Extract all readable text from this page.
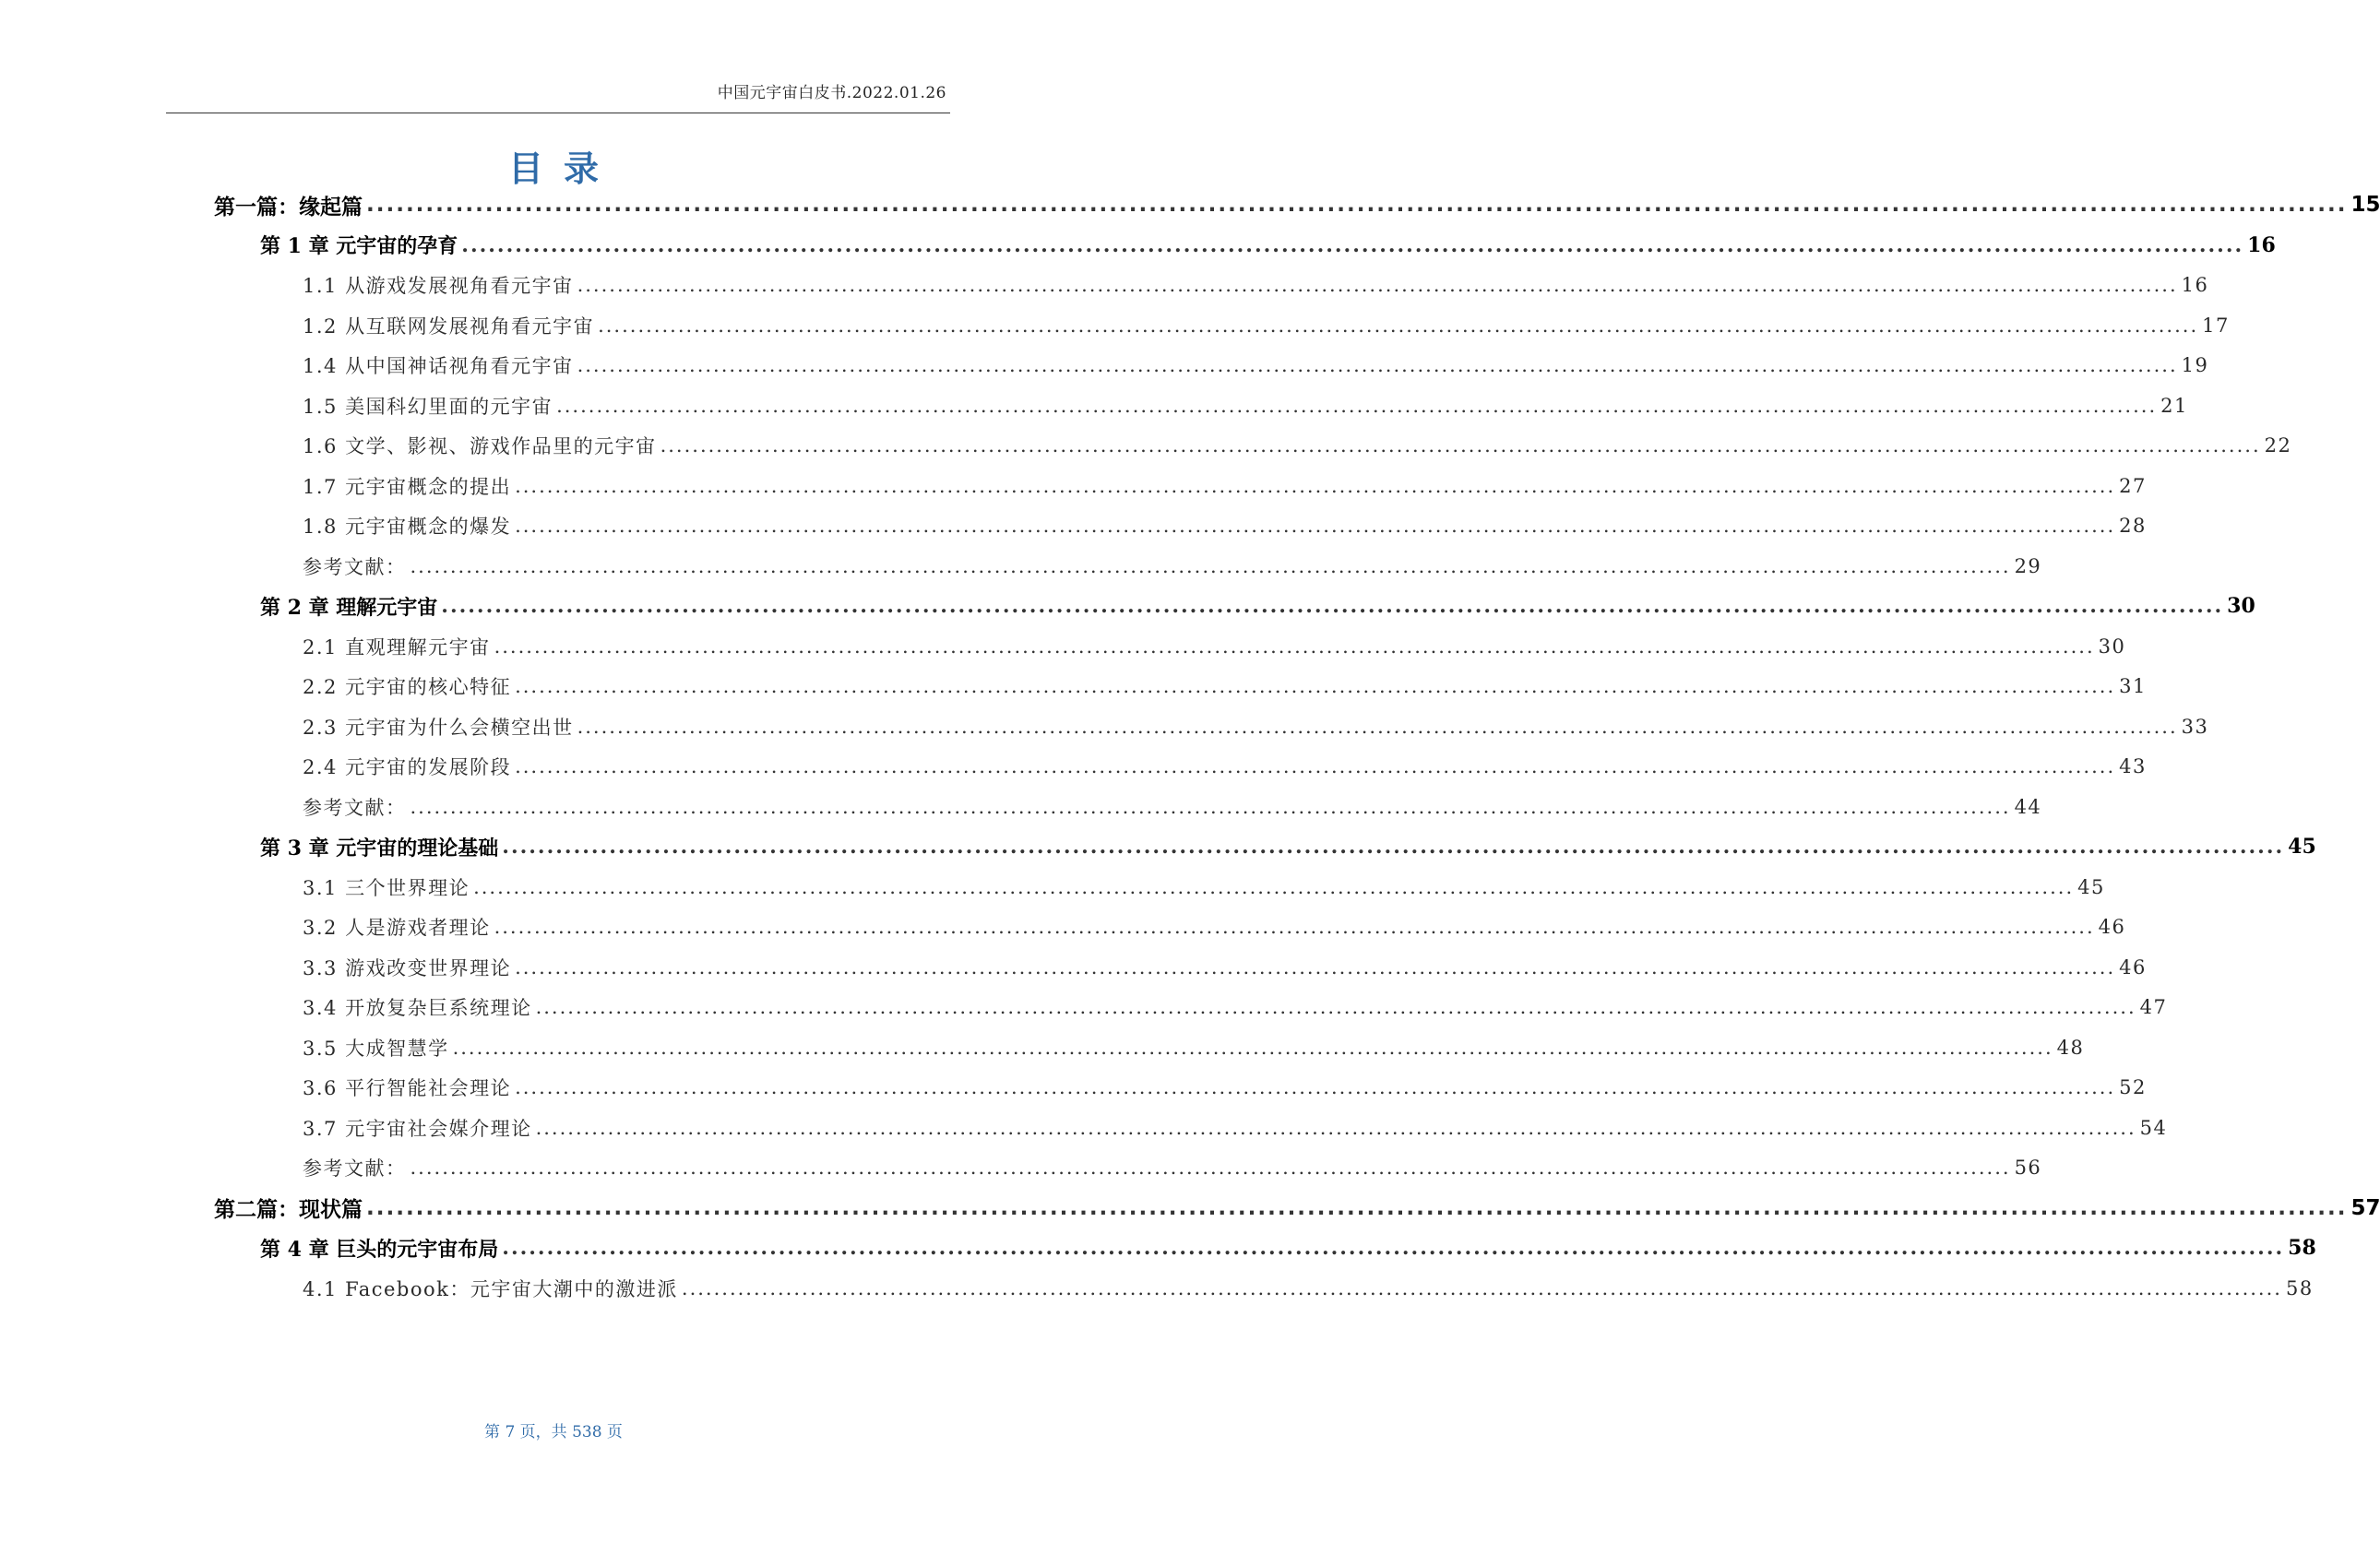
中国元宇宙白皮书.2022.01.26
目录
第一篇：缘起篇 ........................................................................................................................................................................................................ 15
第 1 章 元宇宙的孕育 ........................................................................................................................................................................................................ 16
1.1 从游戏发展视角看元宇宙 ........................................................................................................................................................................................................ 16
1.2 从互联网发展视角看元宇宙 ........................................................................................................................................................................................................ 17
1.4 从中国神话视角看元宇宙 ........................................................................................................................................................................................................ 19
1.5 美国科幻里面的元宇宙 ........................................................................................................................................................................................................ 21
1.6 文学、影视、游戏作品里的元宇宙 ........................................................................................................................................................................................................ 22
1.7 元宇宙概念的提出 ........................................................................................................................................................................................................ 27
1.8 元宇宙概念的爆发 ........................................................................................................................................................................................................ 28
参考文献： ........................................................................................................................................................................................................ 29
第 2 章 理解元宇宙 ........................................................................................................................................................................................................ 30
2.1 直观理解元宇宙 ........................................................................................................................................................................................................ 30
2.2 元宇宙的核心特征 ........................................................................................................................................................................................................ 31
2.3 元宇宙为什么会横空出世 ........................................................................................................................................................................................................ 33
2.4 元宇宙的发展阶段 ........................................................................................................................................................................................................ 43
参考文献： ........................................................................................................................................................................................................ 44
第 3 章 元宇宙的理论基础 ........................................................................................................................................................................................................ 45
3.1 三个世界理论 ........................................................................................................................................................................................................ 45
3.2 人是游戏者理论 ........................................................................................................................................................................................................ 46
3.3 游戏改变世界理论 ........................................................................................................................................................................................................ 46
3.4 开放复杂巨系统理论 ........................................................................................................................................................................................................ 47
3.5 大成智慧学 ........................................................................................................................................................................................................ 48
3.6 平行智能社会理论 ........................................................................................................................................................................................................ 52
3.7 元宇宙社会媒介理论 ........................................................................................................................................................................................................ 54
参考文献： ........................................................................................................................................................................................................ 56
第二篇：现状篇 ........................................................................................................................................................................................................ 57
第 4 章 巨头的元宇宙布局 ........................................................................................................................................................................................................ 58
4.1 Facebook：元宇宙大潮中的激进派 ........................................................................................................................................................................................................ 58
第 7 页，共 538 页
